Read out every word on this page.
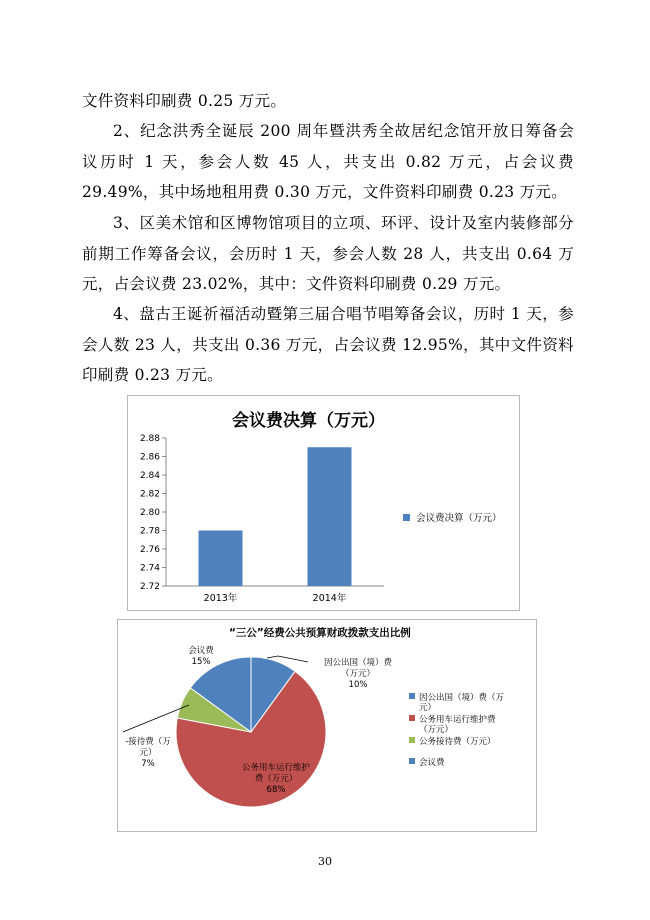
文件资料印刷费 0.25 万元。

2、纪念洪秀全诞辰 200 周年暨洪秀全故居纪念馆开放日筹备会议历时 1 天，参会人数 45 人，共支出 0.82 万元，占会议费 29.49%，其中场地租用费 0.30 万元，文件资料印刷费 0.23 万元。

3、区美术馆和区博物馆项目的立项、环评、设计及室内装修部分前期工作筹备会议，会历时 1 天，参会人数 28 人，共支出 0.64 万元，占会议费 23.02%，其中：文件资料印刷费 0.29 万元。

4、盘古王诞祈福活动暨第三届合唱节唱筹备会议，历时 1 天，参会人数 23 人，共支出 0.36 万元，占会议费 12.95%，其中文件资料印刷费 0.23 万元。

会议费决算（万元）
2.72
2.74
2.76
2.78
2.80
2.82
2.84
2.86
2.88
2013年	2014年
会议费决算（万元）
“三公”经费公共预算财政拨款支出比例
因公出国（境）费
（万元）
10%
公务用车运行维护
费（万元）
68%
-接待费（万
元）
7%
会议费
15%
因公出国（境）费（万元）
公务用车运行维护费（万元）
公务接待费（万元）
会议费
30
